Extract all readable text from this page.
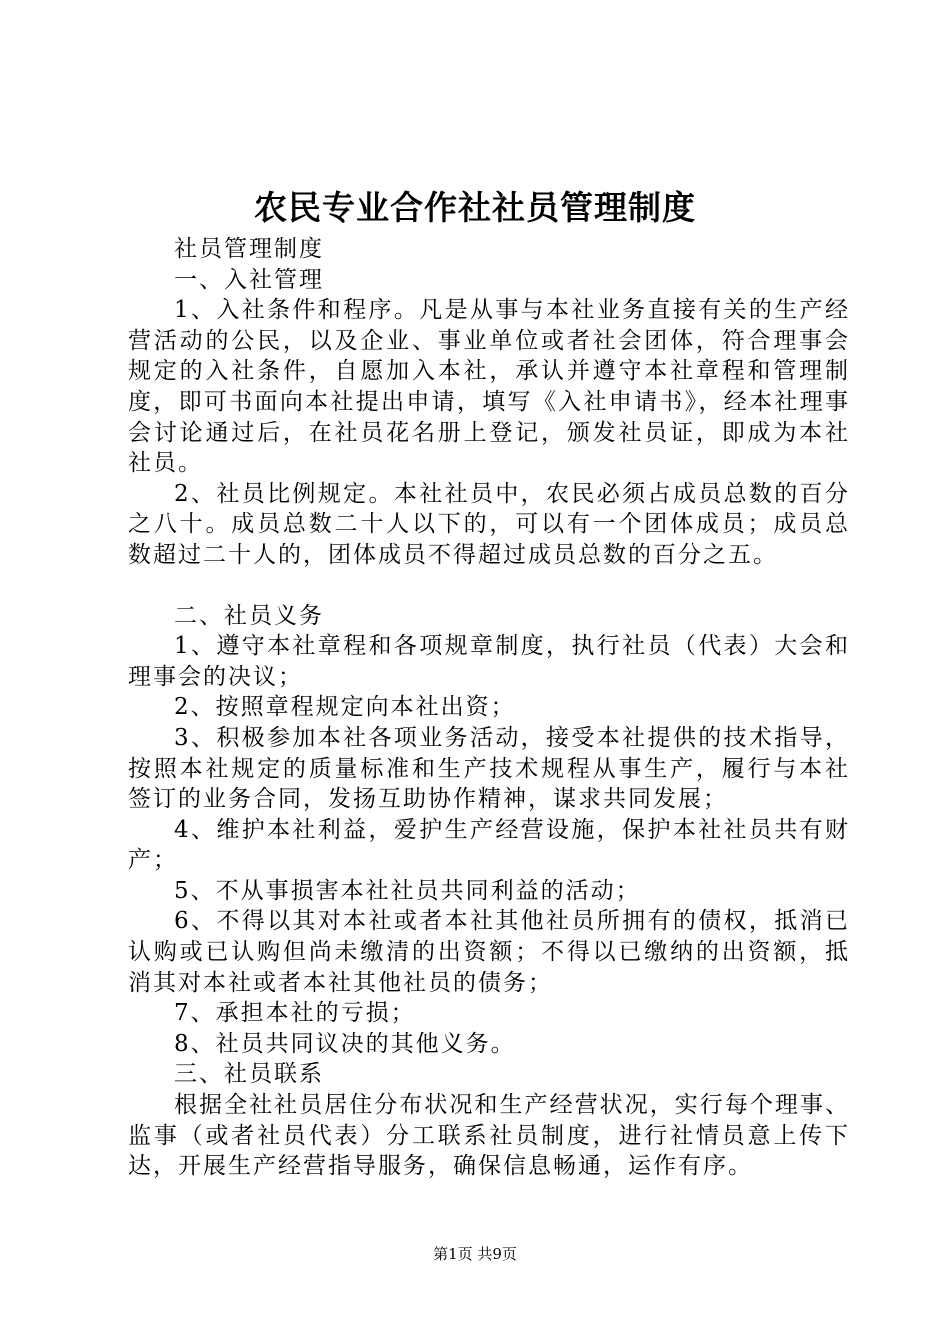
农民专业合作社社员管理制度

社员管理制度

一、入社管理

1、入社条件和程序。凡是从事与本社业务直接有关的生产经营活动的公民，以及企业、事业单位或者社会团体，符合理事会规定的入社条件，自愿加入本社，承认并遵守本社章程和管理制度，即可书面向本社提出申请，填写《入社申请书》，经本社理事会讨论通过后，在社员花名册上登记，颁发社员证，即成为本社社员。

2、社员比例规定。本社社员中，农民必须占成员总数的百分之八十。成员总数二十人以下的，可以有一个团体成员；成员总数超过二十人的，团体成员不得超过成员总数的百分之五。

二、社员义务

1、遵守本社章程和各项规章制度，执行社员（代表）大会和理事会的决议；

2、按照章程规定向本社出资；

3、积极参加本社各项业务活动，接受本社提供的技术指导，按照本社规定的质量标准和生产技术规程从事生产，履行与本社签订的业务合同，发扬互助协作精神，谋求共同发展；

4、维护本社利益，爱护生产经营设施，保护本社社员共有财产；

5、不从事损害本社社员共同利益的活动；

6、不得以其对本社或者本社其他社员所拥有的债权，抵消已认购或已认购但尚未缴清的出资额；不得以已缴纳的出资额，抵消其对本社或者本社其他社员的债务；

7、承担本社的亏损；

8、社员共同议决的其他义务。

三、社员联系

根据全社社员居住分布状况和生产经营状况，实行每个理事、监事（或者社员代表）分工联系社员制度，进行社情员意上传下达，开展生产经营指导服务，确保信息畅通，运作有序。

第1页 共9页
